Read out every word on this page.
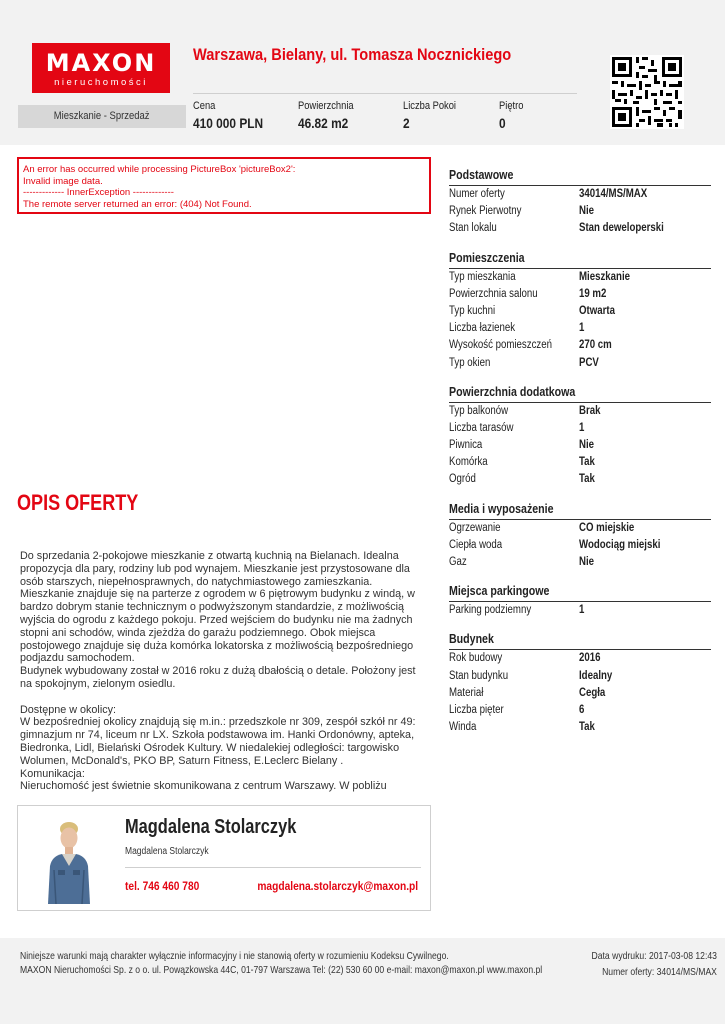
MAXON
nieruchomości
Warszawa, Bielany, ul. Tomasza Nocznickiego
Mieszkanie - Sprzedaż
Cena
410 000 PLN
Powierzchnia
46.82 m2
Liczba Pokoi
2
Piętro
0
An error has occurred while processing PictureBox 'pictureBox2':
Invalid image data.
------------- InnerException -------------
The remote server returned an error: (404) Not Found.
OPIS OFERTY

Do sprzedania 2-pokojowe mieszkanie z otwartą kuchnią na Bielanach. Idealna propozycja dla pary, rodziny lub pod wynajem. Mieszkanie jest przystosowane dla osób starszych, niepełnosprawnych, do natychmiastowego zamieszkania.
Mieszkanie znajduje się na parterze z ogrodem w 6 piętrowym budynku z windą, w bardzo dobrym stanie technicznym o podwyższonym standardzie, z możliwością wyjścia do ogrodu z każdego pokoju. Przed wejściem do budynku nie ma żadnych stopni ani schodów, winda zjeżdża do garażu podziemnego. Obok miejsca postojowego znajduje się duża komórka lokatorska z możliwością bezpośredniego podjazdu samochodem.
Budynek wybudowany został w 2016 roku z dużą dbałością o detale. Położony jest na spokojnym, zielonym osiedlu.

Dostępne w okolicy:
W bezpośredniej okolicy znajdują się m.in.: przedszkole nr 309, zespół szkół nr 49: gimnazjum nr 74, liceum nr LX. Szkoła podstawowa im. Hanki Ordonówny, apteka, Biedronka, Lidl, Bielański Ośrodek Kultury. W niedalekiej odległości: targowisko Wolumen, McDonald's, PKO BP, Saturn Fitness, E.Leclerc Bielany .
Komunikacja:
Nieruchomość jest świetnie skomunikowana z centrum Warszawy. W pobliżu

Magdalena Stolarczyk
Magdalena Stolarczyk
tel. 746 460 780	magdalena.stolarczyk@maxon.pl
Podstawowe
Numer oferty	34014/MS/MAX
Rynek Pierwotny	Nie
Stan lokalu	Stan deweloperski
Pomieszczenia
Typ mieszkania	Mieszkanie
Powierzchnia salonu	19 m2
Typ kuchni	Otwarta
Liczba łazienek	1
Wysokość pomieszczeń	270 cm
Typ okien	PCV
Powierzchnia dodatkowa
Typ balkonów	Brak
Liczba tarasów	1
Piwnica	Nie
Komórka	Tak
Ogród	Tak
Media i wyposażenie
Ogrzewanie	CO miejskie
Ciepła woda	Wodociąg miejski
Gaz	Nie
Miejsca parkingowe
Parking podziemny	1
Budynek
Rok budowy	2016
Stan budynku	Idealny
Materiał	Cegła
Liczba pięter	6
Winda	Tak
Niniejsze warunki mają charakter wyłącznie informacyjny i nie stanowią oferty w rozumieniu Kodeksu Cywilnego.
MAXON Nieruchomości Sp. z o o. ul. Powązkowska 44C, 01-797 Warszawa Tel: (22) 530 60 00 e-mail: maxon@maxon.pl www.maxon.pl
Data wydruku: 2017-03-08 12:43
Numer oferty: 34014/MS/MAX
